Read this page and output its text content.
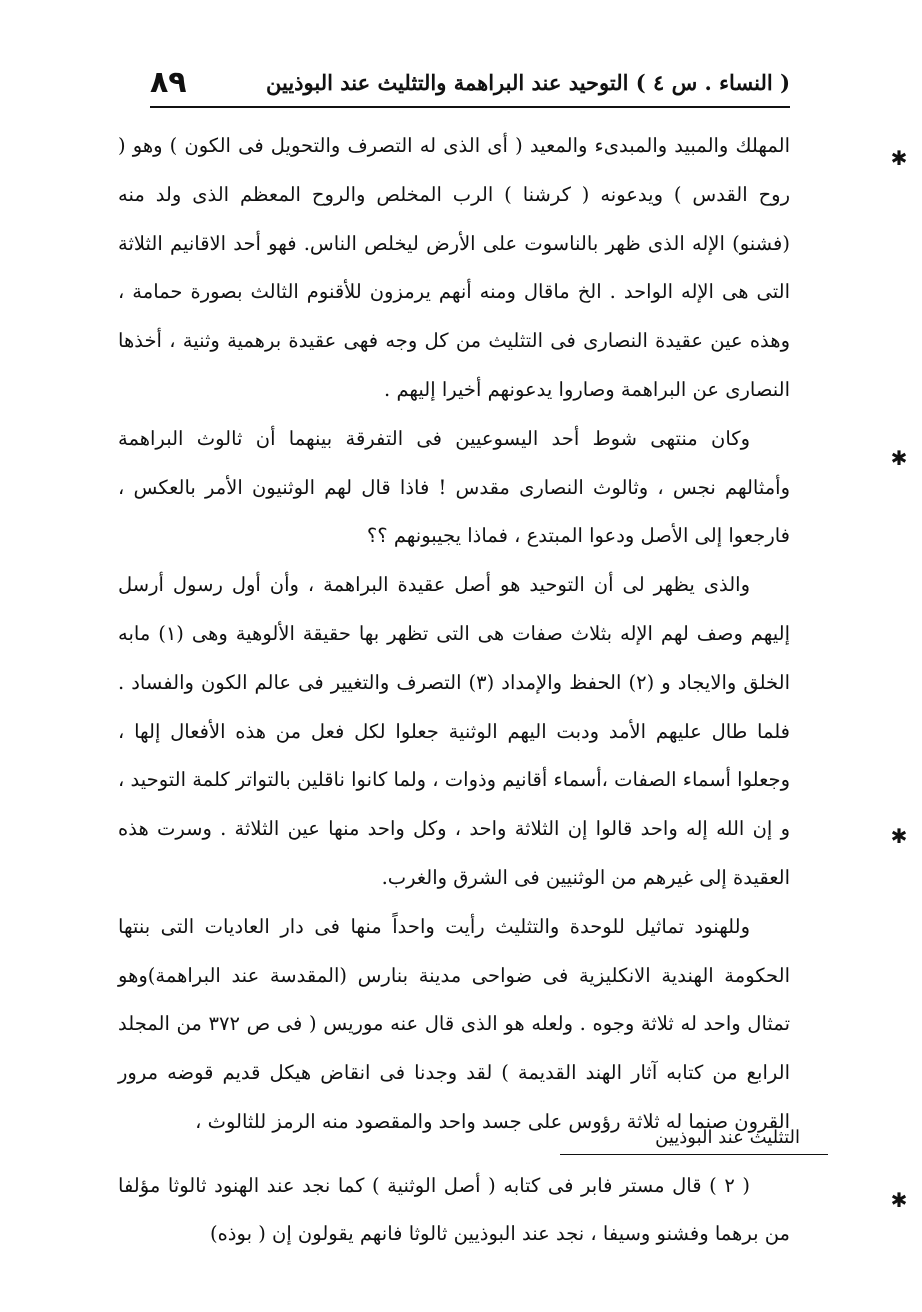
( النساء . س ٤ ) التوحيد عند البراهمة والتثليث عند البوذيين
٨٩

المهلك والمبيد والمبدىء والمعيد ( أى الذى له التصرف والتحويل فى الكون ) وهو ( روح القدس ) ويدعونه ( كرشنا ) الرب المخلص والروح المعظم الذى ولد منه (فشنو) الإله الذى ظهر بالناسوت على الأرض ليخلص الناس. فهو أحد الاقانيم الثلاثة التى هى الإله الواحد . الخ ماقال ومنه أنهم يرمزون للأقنوم الثالث بصورة حمامة ، وهذه عين عقيدة النصارى فى التثليث من كل وجه فهى عقيدة برهمية وثنية ، أخذها النصارى عن البراهمة وصاروا يدعونهم أخيرا إليهم .

وكان منتهى شوط أحد اليسوعيين فى التفرقة بينهما أن ثالوث البراهمة وأمثالهم نجس ، وثالوث النصارى مقدس ! فاذا قال لهم الوثنيون الأمر بالعكس ، فارجعوا إلى الأصل ودعوا المبتدع ، فماذا يجيبونهم ؟؟

والذى يظهر لى أن التوحيد هو أصل عقيدة البراهمة ، وأن أول رسول أرسل إليهم وصف لهم الإله بثلاث صفات هى التى تظهر بها حقيقة الألوهية وهى (١) مابه الخلق والايجاد و (٢) الحفظ والإمداد (٣) التصرف والتغيير فى عالم الكون والفساد . فلما طال عليهم الأمد ودبت اليهم الوثنية جعلوا لكل فعل من هذه الأفعال إلها ، وجعلوا أسماء الصفات ،أسماء أقانيم وذوات ، ولما كانوا ناقلين بالتواتر كلمة التوحيد ، و إن الله إله واحد قالوا إن الثلاثة واحد ، وكل واحد منها عين الثلاثة . وسرت هذه العقيدة إلى غيرهم من الوثنيين فى الشرق والغرب.

وللهنود تماثيل للوحدة والتثليث رأيت واحداً منها فى دار العاديات التى بنتها الحكومة الهندية الانكليزية فى ضواحى مدينة بنارس (المقدسة عند البراهمة)وهو تمثال واحد له ثلاثة وجوه . ولعله هو الذى قال عنه موريس ( فى ص ٣٧٢ من المجلد الرابع من كتابه آثار الهند القديمة ) لقد وجدنا فى انقاض هيكل قديم قوضه مرور القرون صنما له ثلاثة رؤوس على جسد واحد والمقصود منه الرمز للثالوث ،

التثليث عند البوذيين

( ٢ ) قال مستر فابر فى كتابه ( أصل الوثنية ) كما نجد عند الهنود ثالوثا مؤلفا من برهما وفشنو وسيفا ، نجد عند البوذيين ثالوثا فانهم يقولون إن ( بوذه)

✱
✱
✱
✱
